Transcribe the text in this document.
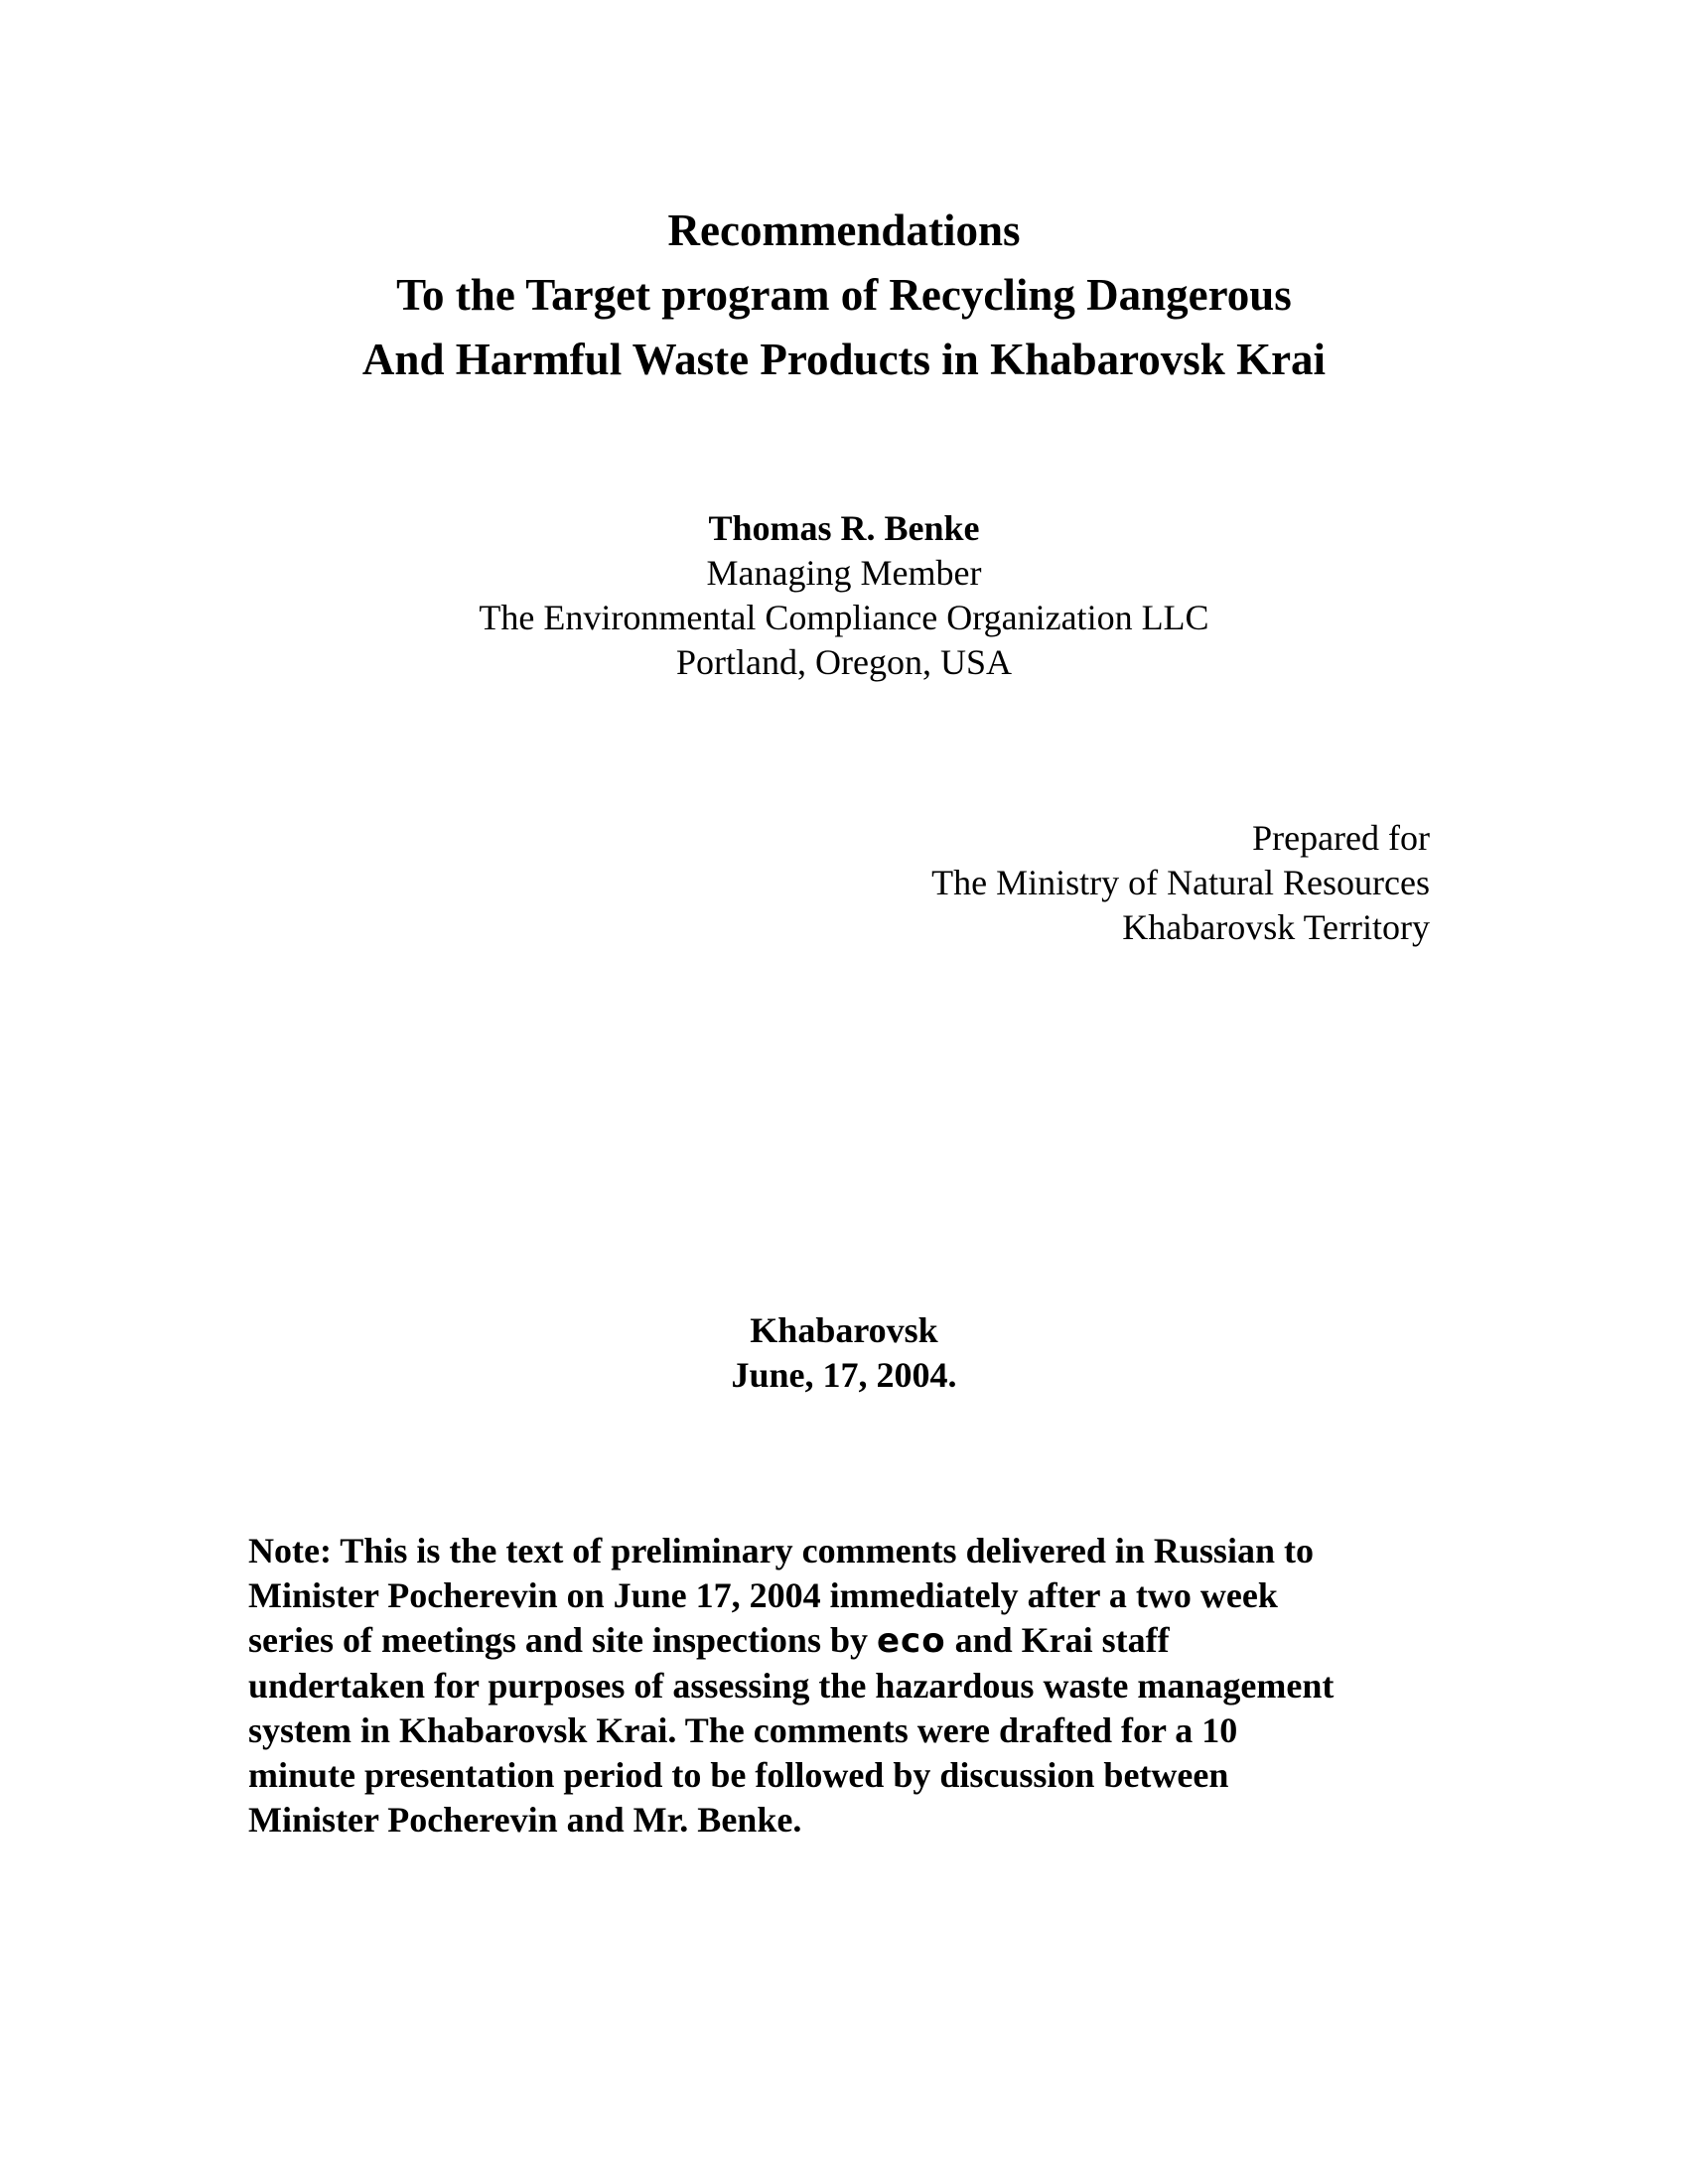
Recommendations
To the Target program of Recycling Dangerous
And Harmful Waste Products in Khabarovsk Krai
Thomas R. Benke
Managing Member
The Environmental Compliance Organization LLC
Portland, Oregon, USA
Prepared for
The Ministry of Natural Resources
Khabarovsk Territory
Khabarovsk
June, 17, 2004.
Note: This is the text of preliminary comments delivered in Russian to
Minister Pocherevin on June 17, 2004 immediately after a two week
series of meetings and site inspections by eco and Krai staff
undertaken for purposes of assessing the hazardous waste management
system in Khabarovsk Krai. The comments were drafted for a 10
minute presentation period to be followed by discussion between
Minister Pocherevin and Mr. Benke.
